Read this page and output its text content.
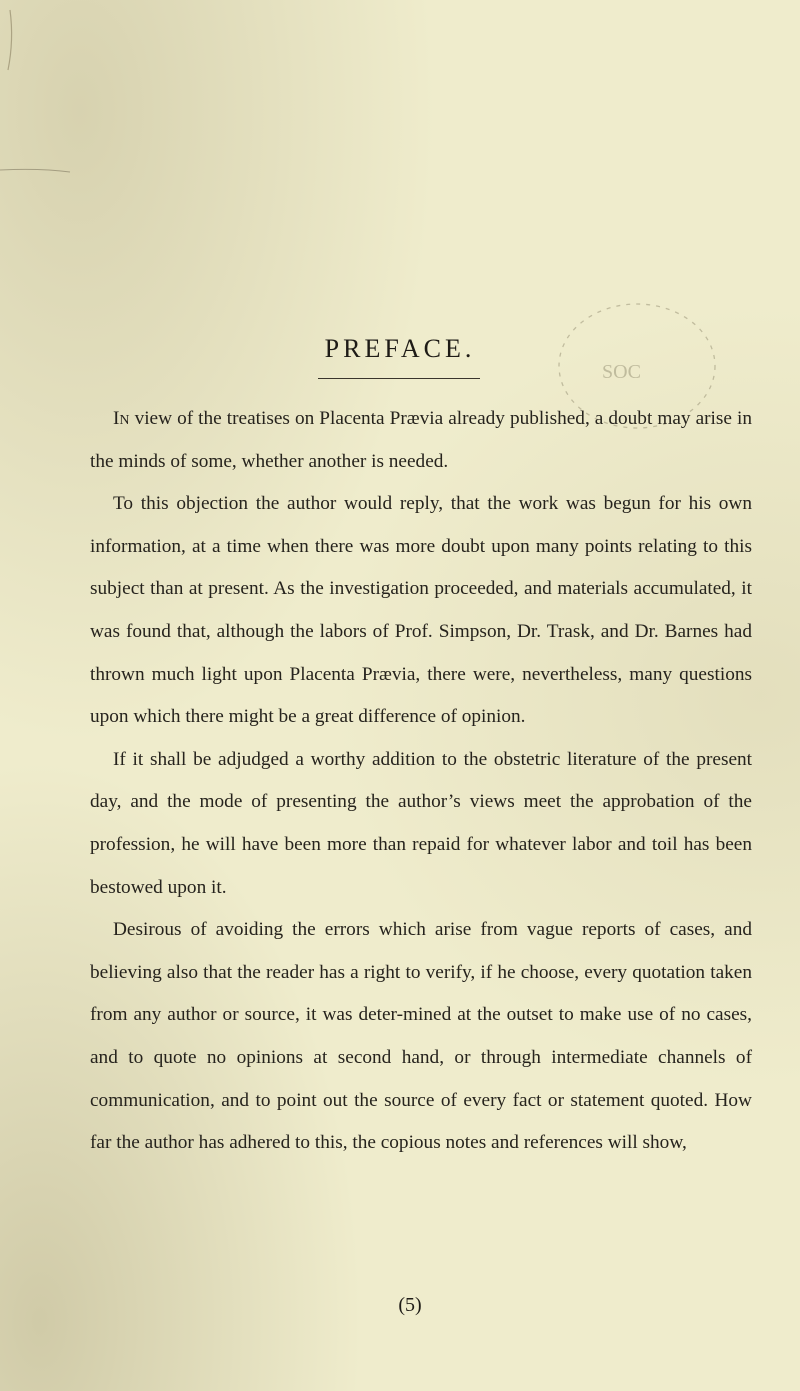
PREFACE.
SOC

In view of the treatises on Placenta Prævia already published, a doubt may arise in the minds of some, whether another is needed.

To this objection the author would reply, that the work was begun for his own information, at a time when there was more doubt upon many points relating to this subject than at present. As the investigation proceeded, and materials accumulated, it was found that, although the labors of Prof. Simpson, Dr. Trask, and Dr. Barnes had thrown much light upon Placenta Prævia, there were, nevertheless, many questions upon which there might be a great difference of opinion.

If it shall be adjudged a worthy addition to the obstetric literature of the present day, and the mode of presenting the author’s views meet the approbation of the profession, he will have been more than repaid for whatever labor and toil has been bestowed upon it.

Desirous of avoiding the errors which arise from vague reports of cases, and believing also that the reader has a right to verify, if he choose, every quotation taken from any author or source, it was deter-mined at the outset to make use of no cases, and to quote no opinions at second hand, or through intermediate channels of communication, and to point out the source of every fact or statement quoted. How far the author has adhered to this, the copious notes and references will show,

(5)
